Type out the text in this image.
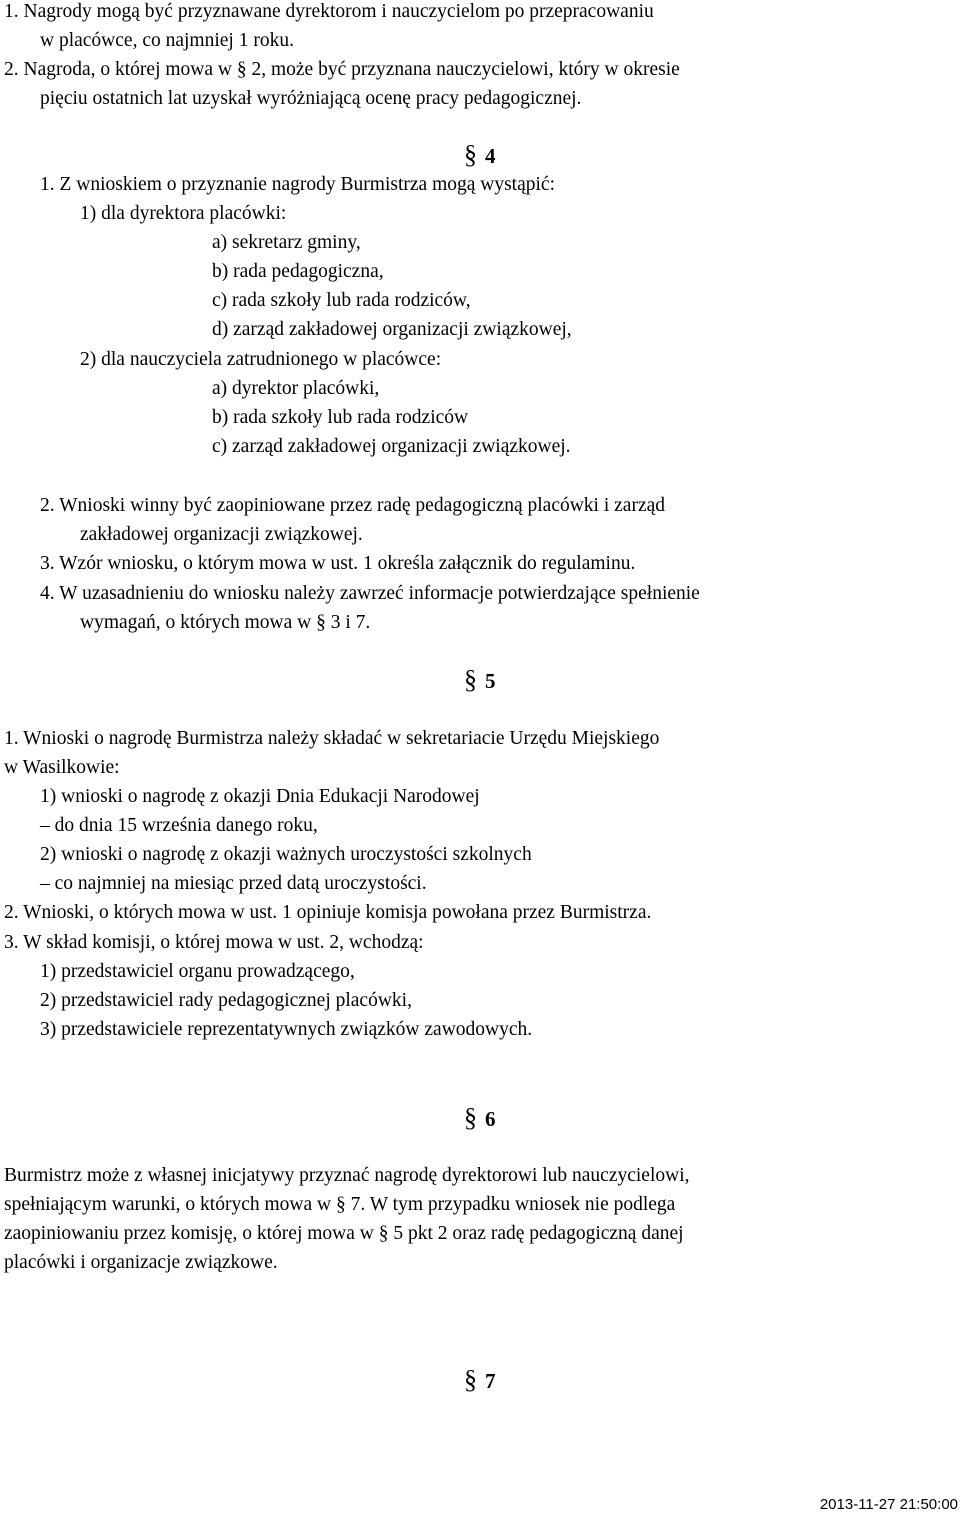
1. Nagrody mogą być przyznawane dyrektorom i nauczycielom po przepracowaniu
w placówce, co najmniej 1 roku.
2. Nagroda, o której mowa w § 2, może być przyznana nauczycielowi, który w okresie
pięciu ostatnich lat uzyskał wyróżniającą ocenę pracy pedagogicznej.
§ 4
1. Z wnioskiem o przyznanie nagrody Burmistrza mogą wystąpić:
1) dla dyrektora placówki:
a) sekretarz gminy,
b) rada pedagogiczna,
c) rada szkoły lub rada rodziców,
d) zarząd zakładowej organizacji związkowej,
2) dla nauczyciela zatrudnionego w placówce:
a) dyrektor placówki,
b) rada szkoły lub rada rodziców
c) zarząd zakładowej organizacji związkowej.
2. Wnioski winny być zaopiniowane przez radę pedagogiczną placówki i zarząd
zakładowej organizacji związkowej.
3. Wzór wniosku, o którym mowa w ust. 1 określa załącznik do regulaminu.
4. W uzasadnieniu do wniosku należy zawrzeć informacje potwierdzające spełnienie
wymagań, o których mowa w § 3 i 7.
§ 5
1. Wnioski o nagrodę Burmistrza należy składać w sekretariacie Urzędu Miejskiego
w Wasilkowie:
1) wnioski o nagrodę z okazji Dnia Edukacji Narodowej
– do dnia 15 września danego roku,
2) wnioski o nagrodę z okazji ważnych uroczystości szkolnych
– co najmniej na miesiąc przed datą uroczystości.
2. Wnioski, o których mowa w ust. 1 opiniuje komisja powołana przez Burmistrza.
3. W skład komisji, o której mowa w ust. 2, wchodzą:
1) przedstawiciel organu prowadzącego,
2) przedstawiciel rady pedagogicznej placówki,
3) przedstawiciele reprezentatywnych związków zawodowych.
§ 6
Burmistrz może z własnej inicjatywy przyznać nagrodę dyrektorowi lub nauczycielowi,
spełniającym warunki, o których mowa w § 7. W tym przypadku wniosek nie podlega
zaopiniowaniu przez komisję, o której mowa w § 5 pkt 2 oraz radę pedagogiczną danej
placówki i organizacje związkowe.
§ 7
2013-11-27 21:50:00
